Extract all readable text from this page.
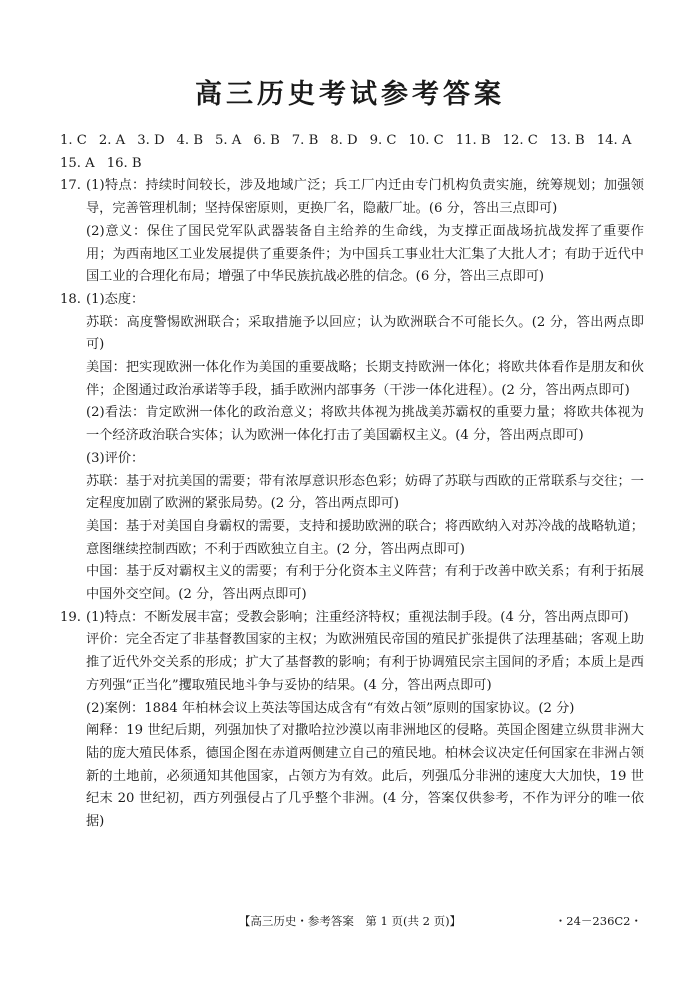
高三历史考试参考答案
1. C 2. A 3. D 4. B 5. A 6. B 7. B 8. D 9. C 10. C 11. B 12. C 13. B 14. A
15. A 16. B
17. (1)特点：持续时间较长，涉及地域广泛；兵工厂内迁由专门机构负责实施，统筹规划；加强领导，完善管理机制；坚持保密原则，更换厂名，隐蔽厂址。(6 分，答出三点即可)
(2)意义：保住了国民党军队武器装备自主给养的生命线，为支撑正面战场抗战发挥了重要作用；为西南地区工业发展提供了重要条件；为中国兵工事业壮大汇集了大批人才；有助于近代中国工业的合理化布局；增强了中华民族抗战必胜的信念。(6 分，答出三点即可)
18. (1)态度：
苏联：高度警惕欧洲联合；采取措施予以回应；认为欧洲联合不可能长久。(2 分，答出两点即可)
美国：把实现欧洲一体化作为美国的重要战略；长期支持欧洲一体化；将欧共体看作是朋友和伙伴；企图通过政治承诺等手段，插手欧洲内部事务（干涉一体化进程）。(2 分，答出两点即可)
(2)看法：肯定欧洲一体化的政治意义；将欧共体视为挑战美苏霸权的重要力量；将欧共体视为一个经济政治联合实体；认为欧洲一体化打击了美国霸权主义。(4 分，答出两点即可)
(3)评价：
苏联：基于对抗美国的需要；带有浓厚意识形态色彩；妨碍了苏联与西欧的正常联系与交往；一定程度加剧了欧洲的紧张局势。(2 分，答出两点即可)
美国：基于对美国自身霸权的需要，支持和援助欧洲的联合；将西欧纳入对苏冷战的战略轨道；意图继续控制西欧；不利于西欧独立自主。(2 分，答出两点即可)
中国：基于反对霸权主义的需要；有利于分化资本主义阵营；有利于改善中欧关系；有利于拓展中国外交空间。(2 分，答出两点即可)
19. (1)特点：不断发展丰富；受教会影响；注重经济特权；重视法制手段。(4 分，答出两点即可)
评价：完全否定了非基督教国家的主权；为欧洲殖民帝国的殖民扩张提供了法理基础；客观上助推了近代外交关系的形成；扩大了基督教的影响；有利于协调殖民宗主国间的矛盾；本质上是西方列强“正当化”攫取殖民地斗争与妥协的结果。(4 分，答出两点即可)
(2)案例：1884 年柏林会议上英法等国达成含有“有效占领”原则的国家协议。(2 分)
阐释：19 世纪后期，列强加快了对撒哈拉沙漠以南非洲地区的侵略。英国企图建立纵贯非洲大陆的庞大殖民体系，德国企图在赤道两侧建立自己的殖民地。柏林会议决定任何国家在非洲占领新的土地前，必须通知其他国家，占领方为有效。此后，列强瓜分非洲的速度大大加快，19 世纪末 20 世纪初，西方列强侵占了几乎整个非洲。(4 分，答案仅供参考，不作为评分的唯一依据)
【高三历史・参考答案　第 1 页(共 2 页)】	・24－236C2・
